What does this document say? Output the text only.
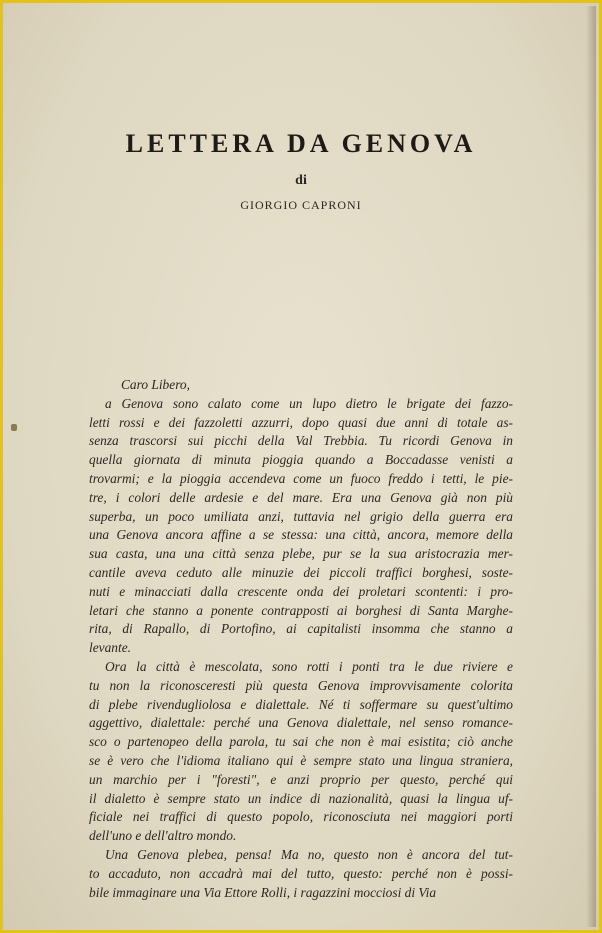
LETTERA DA GENOVA
di
GIORGIO CAPRONI
Caro Libero,
a Genova sono calato come un lupo dietro le brigate dei fazzo-
letti rossi e dei fazzoletti azzurri, dopo quasi due anni di totale as-
senza trascorsi sui picchi della Val Trebbia. Tu ricordi Genova in
quella giornata di minuta pioggia quando a Boccadasse venisti a
trovarmi; e la pioggia accendeva come un fuoco freddo i tetti, le pie-
tre, i colori delle ardesie e del mare. Era una Genova già non più
superba, un poco umiliata anzi, tuttavia nel grigio della guerra era
una Genova ancora affine a se stessa: una città, ancora, memore della
sua casta, una una città senza plebe, pur se la sua aristocrazia mer-
cantile aveva ceduto alle minuzie dei piccoli traffici borghesi, soste-
nuti e minacciati dalla crescente onda dei proletari scontenti: i pro-
letari che stanno a ponente contrapposti ai borghesi di Santa Marghe-
rita, di Rapallo, di Portofino, ai capitalisti insomma che stanno a
levante.
Ora la città è mescolata, sono rotti i ponti tra le due riviere e
tu non la riconosceresti più questa Genova improvvisamente colorita
di plebe rivendugliolosa e dialettale. Né ti soffermare su quest'ultimo
aggettivo, dialettale: perché una Genova dialettale, nel senso romance-
sco o partenopeo della parola, tu sai che non è mai esistita; ciò anche
se è vero che l'idioma italiano qui è sempre stato una lingua straniera,
un marchio per i "foresti", e anzi proprio per questo, perché qui
il dialetto è sempre stato un indice di nazionalità, quasi la lingua uf-
ficiale nei traffici di questo popolo, riconosciuta nei maggiori porti
dell'uno e dell'altro mondo.
Una Genova plebea, pensa! Ma no, questo non è ancora del tut-
to accaduto, non accadrà mai del tutto, questo: perché non è possi-
bile immaginare una Via Ettore Rolli, i ragazzini mocciosi di Via
